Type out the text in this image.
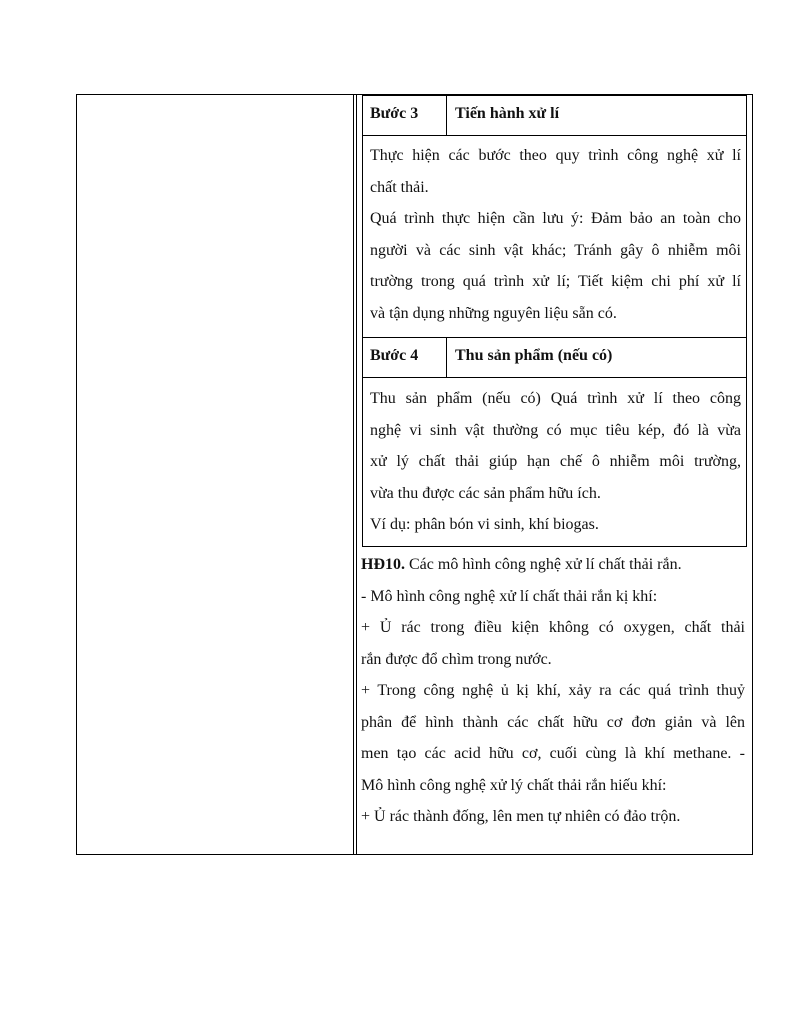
Bước 3 Tiến hành xử lí
Thực hiện các bước theo quy trình công nghệ xử lí
chất thải.
Quá trình thực hiện cần lưu ý: Đảm bảo an toàn cho
người và các sinh vật khác; Tránh gây ô nhiễm môi
trường trong quá trình xử lí; Tiết kiệm chi phí xử lí
và tận dụng những nguyên liệu sẵn có.
Bước 4 Thu sản phẩm (nếu có)
Thu sản phẩm (nếu có) Quá trình xử lí theo công
nghệ vi sinh vật thường có mục tiêu kép, đó là vừa
xử lý chất thải giúp hạn chế ô nhiễm môi trường,
vừa thu được các sản phẩm hữu ích.
Ví dụ: phân bón vi sinh, khí biogas.
HĐ10. Các mô hình công nghệ xử lí chất thải rắn.
- Mô hình công nghệ xử lí chất thải rắn kị khí:
+ Ủ rác trong điều kiện không có oxygen, chất thải
rắn được đổ chìm trong nước.
+ Trong công nghệ ủ kị khí, xảy ra các quá trình thuỷ
phân để hình thành các chất hữu cơ đơn giản và lên
men tạo các acid hữu cơ, cuối cùng là khí methane. -
Mô hình công nghệ xử lý chất thải rắn hiếu khí:
+ Ủ rác thành đống, lên men tự nhiên có đảo trộn.
